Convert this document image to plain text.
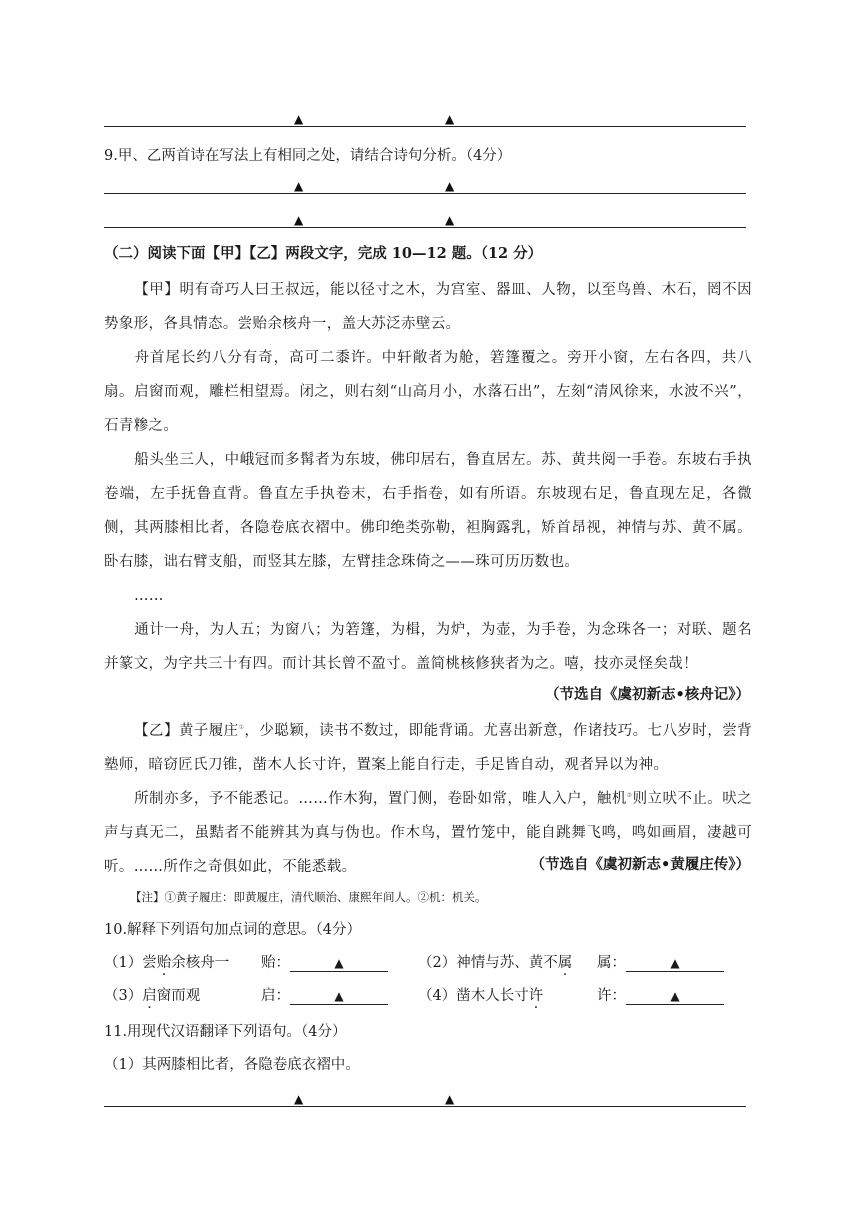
▲	▲
9.甲、乙两首诗在写法上有相同之处，请结合诗句分析。（4分）
▲	▲
▲	▲
（二）阅读下面【甲】【乙】两段文字，完成 10—12 题。（12 分）
【甲】明有奇巧人曰王叔远，能以径寸之木，为宫室、器皿、人物，以至鸟兽、木石，罔不因势象形，各具情态。尝贻余核舟一，盖大苏泛赤壁云。
舟首尾长约八分有奇，高可二黍许。中轩敞者为舱，箬篷覆之。旁开小窗，左右各四，共八扇。启窗而观，雕栏相望焉。闭之，则右刻“山高月小，水落石出”，左刻“清风徐来，水波不兴”，石青糁之。
船头坐三人，中峨冠而多髯者为东坡，佛印居右，鲁直居左。苏、黄共阅一手卷。东坡右手执卷端，左手抚鲁直背。鲁直左手执卷末，右手指卷，如有所语。东坡现右足，鲁直现左足，各微侧，其两膝相比者，各隐卷底衣褶中。佛印绝类弥勒，袒胸露乳，矫首昂视，神情与苏、黄不属。卧右膝，诎右臂支船，而竖其左膝，左臂挂念珠倚之——珠可历历数也。
……
通计一舟，为人五；为窗八；为箬篷，为楫，为炉，为壶，为手卷，为念珠各一；对联、题名并篆文，为字共三十有四。而计其长曾不盈寸。盖简桃核修狭者为之。嘻，技亦灵怪矣哉！
（节选自《虞初新志•核舟记》）
【乙】黄子履庄①，少聪颖，读书不数过，即能背诵。尤喜出新意，作诸技巧。七八岁时，尝背塾师，暗窃匠氏刀锥，凿木人长寸许，置案上能自行走，手足皆自动，观者异以为神。
所制亦多，予不能悉记。……作木狗，置门侧，卷卧如常，唯人入户，触机②则立吠不止。吠之声与真无二，虽黠者不能辨其为真与伪也。作木鸟，置竹笼中，能自跳舞飞鸣，鸣如画眉，凄越可听。……所作之奇俱如此，不能悉载。	（节选自《虞初新志•黄履庄传》）
【注】①黄子履庄：即黄履庄，清代顺治、康熙年间人。②机：机关。
10.解释下列语句加点词的意思。（4分）
（1）尝贻余核舟一 贻：	▲	（2）神情与苏、黄不属 属：	▲
（3）启窗而观	启：	▲	（4）凿木人长寸许	许：	▲
11.用现代汉语翻译下列语句。（4分）
（1）其两膝相比者，各隐卷底衣褶中。
▲	▲
